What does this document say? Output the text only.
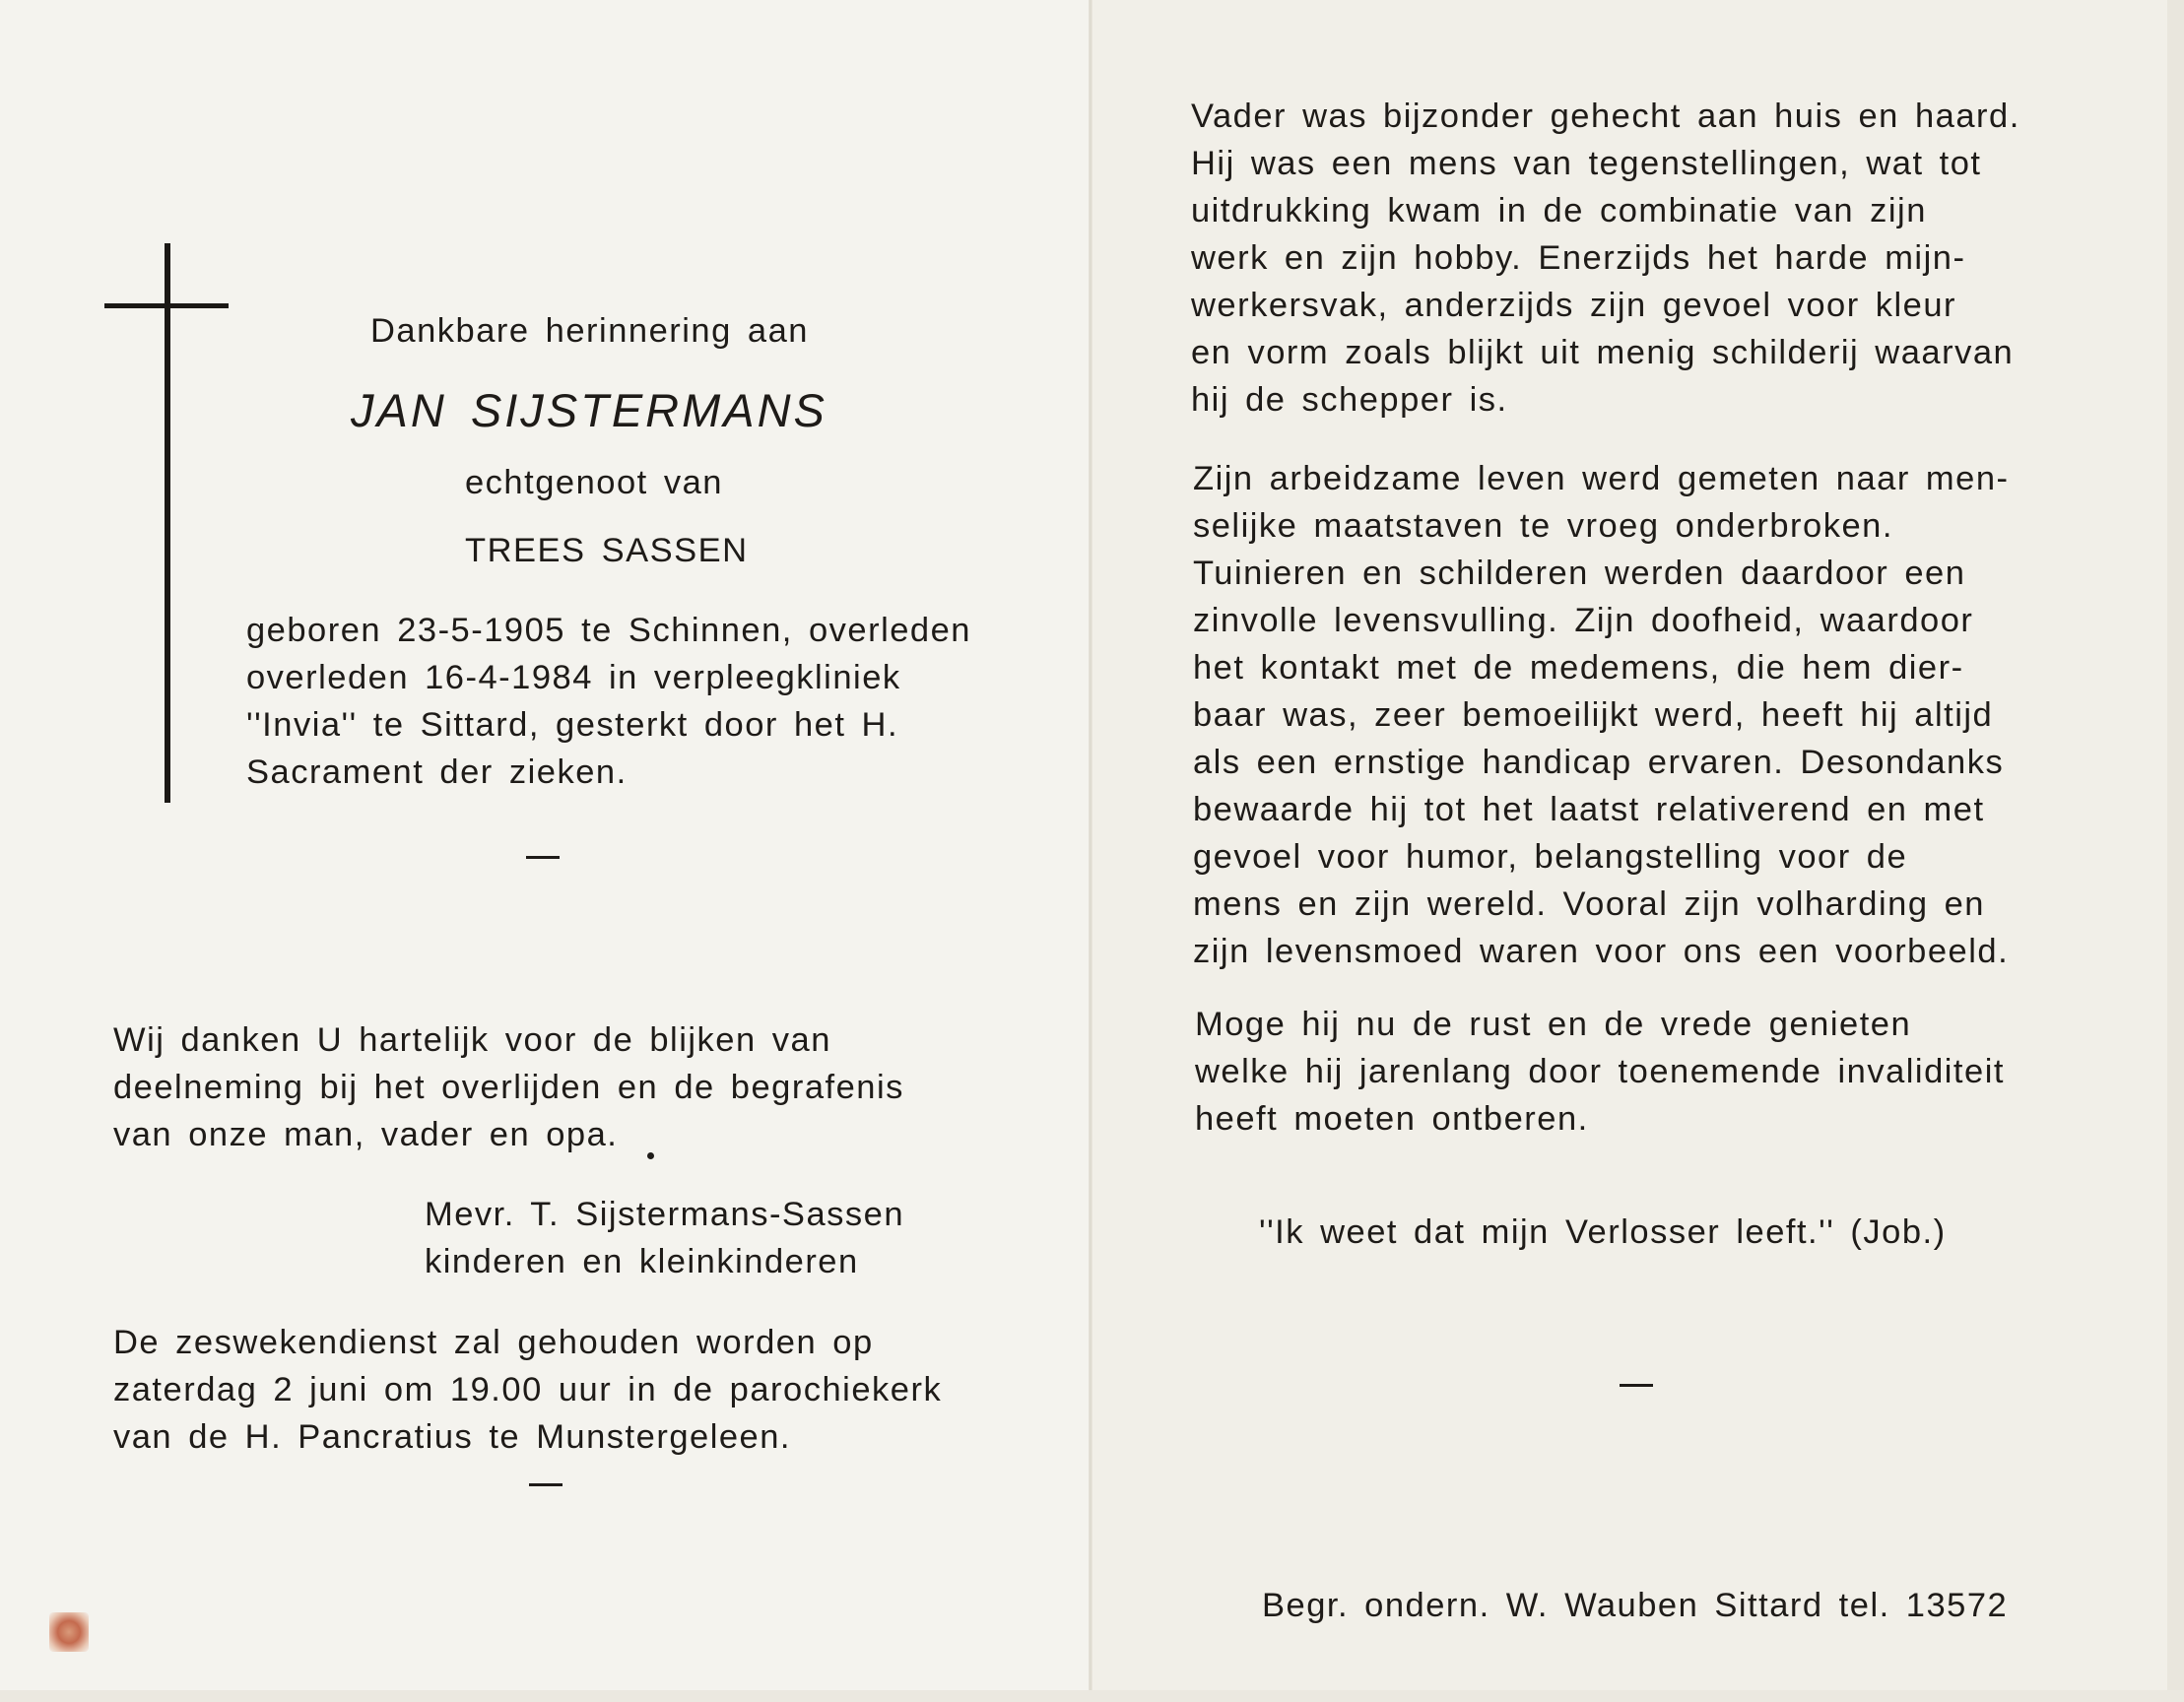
Dankbare herinnering aan
JAN SIJSTERMANS
echtgenoot van
TREES SASSEN
geboren 23-5-1905 te Schinnen, overleden
overleden 16-4-1984 in verpleegkliniek
''Invia'' te Sittard, gesterkt door het H.
Sacrament der zieken.
Wij danken U hartelijk voor de blijken van
deelneming bij het overlijden en de begrafenis
van onze man, vader en opa.
Mevr. T. Sijstermans-Sassen
kinderen en kleinkinderen
De zeswekendienst zal gehouden worden op
zaterdag 2 juni om 19.00 uur in de parochiekerk
van de H. Pancratius te Munstergeleen.
Vader was bijzonder gehecht aan huis en haard.
Hij was een mens van tegenstellingen, wat tot
uitdrukking kwam in de combinatie van zijn
werk en zijn hobby. Enerzijds het harde mijn-
werkersvak, anderzijds zijn gevoel voor kleur
en vorm zoals blijkt uit menig schilderij waarvan
hij de schepper is.
Zijn arbeidzame leven werd gemeten naar men-
selijke maatstaven te vroeg onderbroken.
Tuinieren en schilderen werden daardoor een
zinvolle levensvulling. Zijn doofheid, waardoor
het kontakt met de medemens, die hem dier-
baar was, zeer bemoeilijkt werd, heeft hij altijd
als een ernstige handicap ervaren. Desondanks
bewaarde hij tot het laatst relativerend en met
gevoel voor humor, belangstelling voor de
mens en zijn wereld. Vooral zijn volharding en
zijn levensmoed waren voor ons een voorbeeld.
Moge hij nu de rust en de vrede genieten
welke hij jarenlang door toenemende invaliditeit
heeft moeten ontberen.
''Ik weet dat mijn Verlosser leeft.'' (Job.)
Begr. ondern. W. Wauben Sittard tel. 13572
